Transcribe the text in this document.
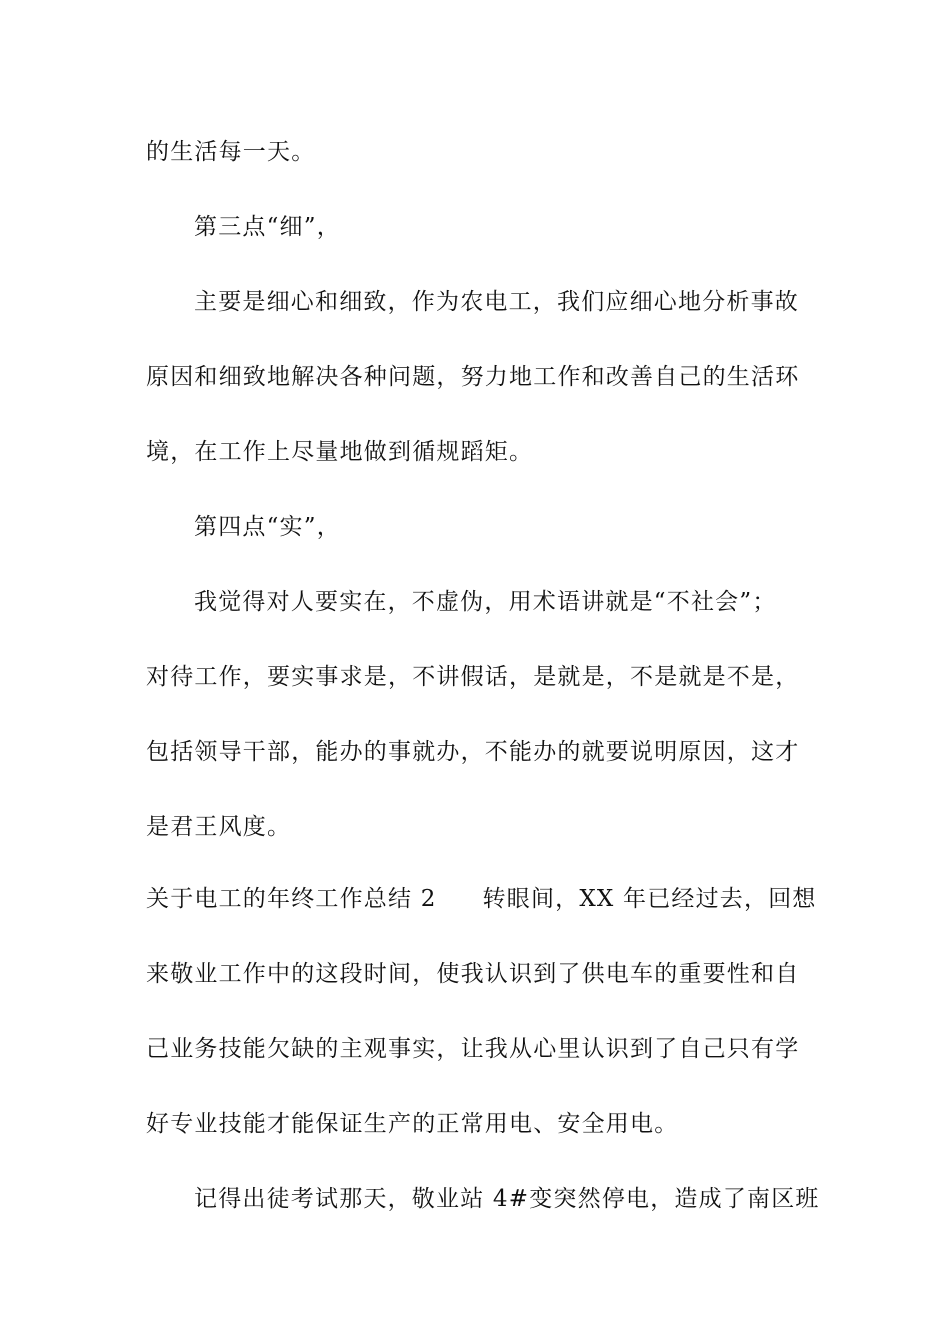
的生活每一天。
第三点“细”，
主要是细心和细致，作为农电工，我们应细心地分析事故
原因和细致地解决各种问题，努力地工作和改善自己的生活环
境，在工作上尽量地做到循规蹈矩。
第四点“实”，
我觉得对人要实在，不虚伪，用术语讲就是“不社会”；
对待工作，要实事求是，不讲假话，是就是，不是就是不是，
包括领导干部，能办的事就办，不能办的就要说明原因，这才
是君王风度。
关于电工的年终工作总结 2 转眼间，XX 年已经过去，回想
来敬业工作中的这段时间，使我认识到了供电车的重要性和自
己业务技能欠缺的主观事实，让我从心里认识到了自己只有学
好专业技能才能保证生产的正常用电、安全用电。
记得出徒考试那天，敬业站 4#变突然停电，造成了南区班
